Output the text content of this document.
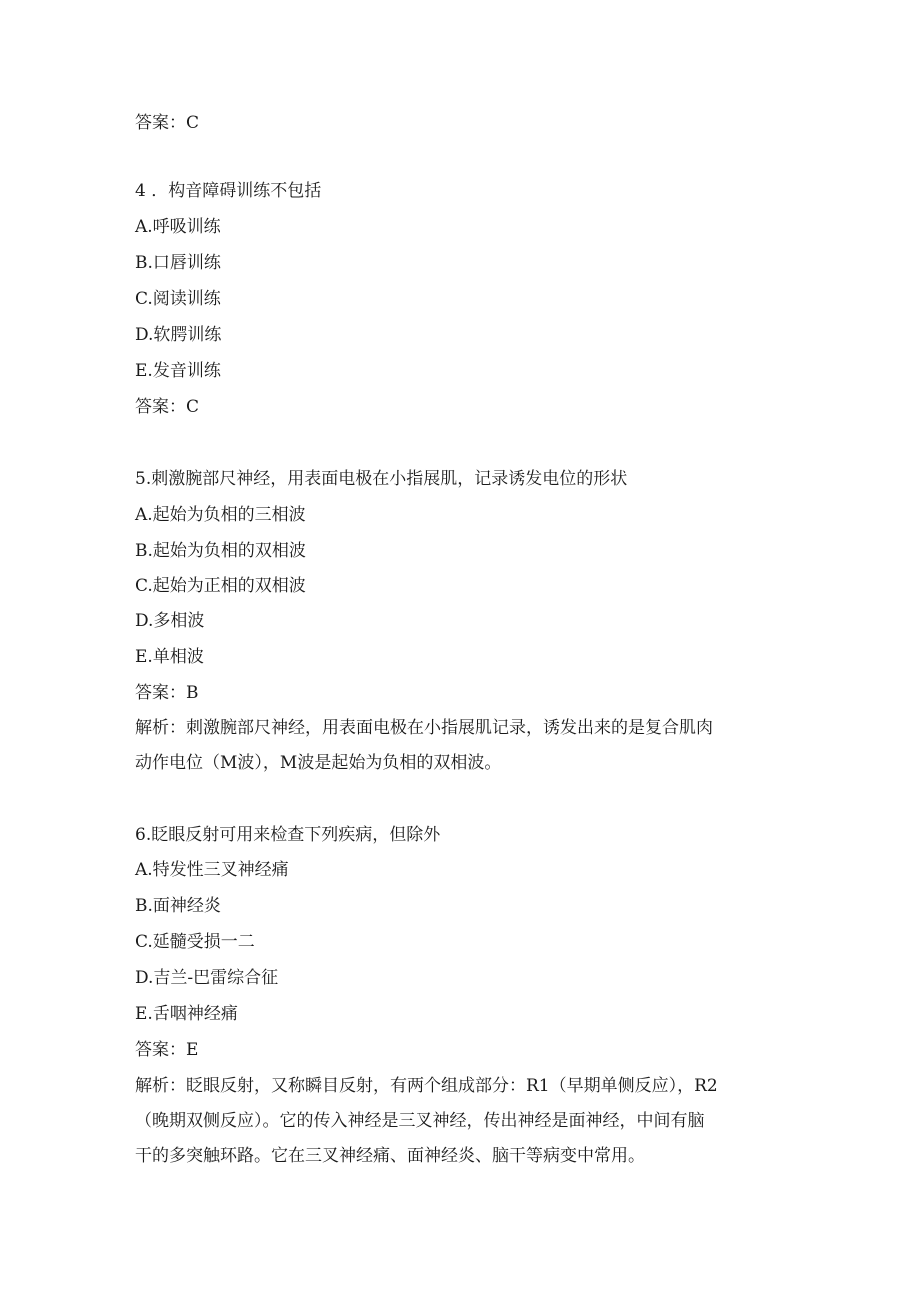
答案：C
4 ．构音障碍训练不包括
A.呼吸训练
B.口唇训练
C.阅读训练
D.软腭训练
E.发音训练
答案：C
5.刺激腕部尺神经，用表面电极在小指展肌，记录诱发电位的形状
A.起始为负相的三相波
B.起始为负相的双相波
C.起始为正相的双相波
D.多相波
E.单相波
答案：B
解析：刺激腕部尺神经，用表面电极在小指展肌记录，诱发出来的是复合肌肉
动作电位（M波），M波是起始为负相的双相波。
6.眨眼反射可用来检查下列疾病，但除外
A.特发性三叉神经痛
B.面神经炎
C.延髓受损一二
D.吉兰-巴雷综合征
E.舌咽神经痛
答案：E
解析：眨眼反射，又称瞬目反射，有两个组成部分：R1（早期单侧反应），R2
（晚期双侧反应）。它的传入神经是三叉神经，传出神经是面神经，中间有脑
干的多突触环路。它在三叉神经痛、面神经炎、脑干等病变中常用。
